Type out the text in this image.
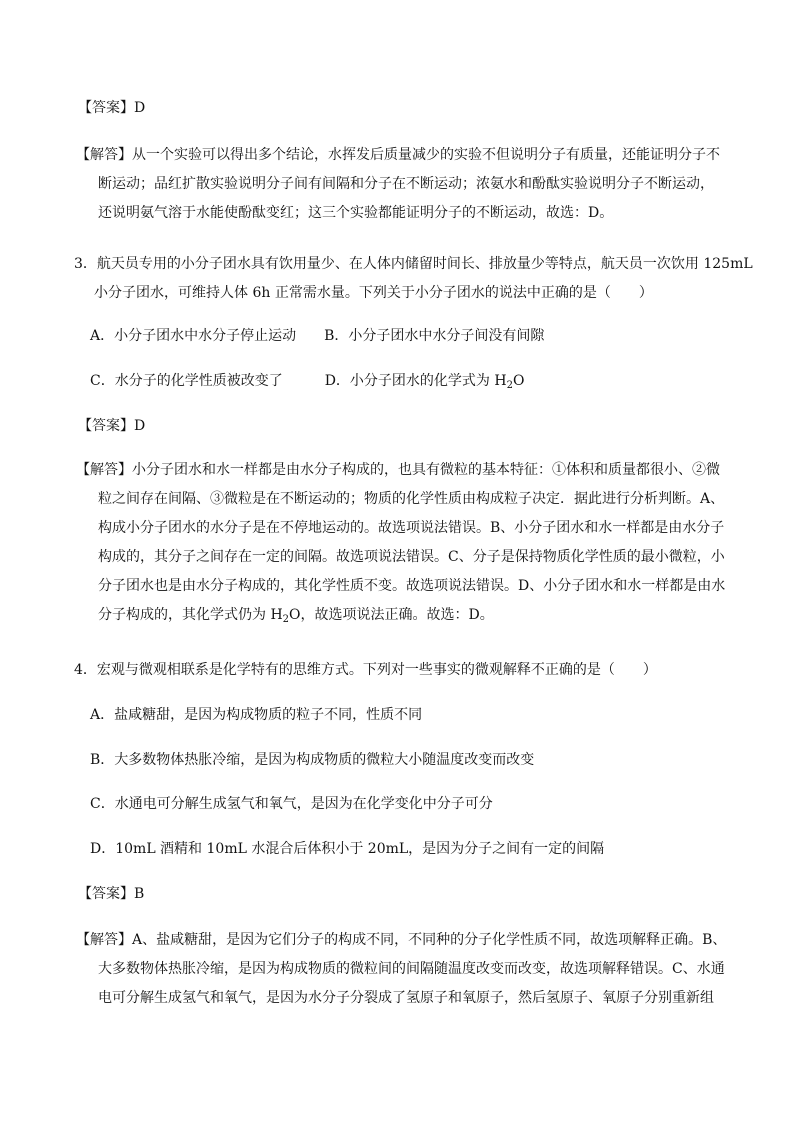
【答案】D
【解答】从一个实验可以得出多个结论，水挥发后质量减少的实验不但说明分子有质量，还能证明分子不
断运动；品红扩散实验说明分子间有间隔和分子在不断运动；浓氨水和酚酞实验说明分子不断运动，
还说明氨气溶于水能使酚酞变红；这三个实验都能证明分子的不断运动，故选：D。
3．航天员专用的小分子团水具有饮用量少、在人体内储留时间长、排放量少等特点，航天员一次饮用 125mL
小分子团水，可维持人体 6h 正常需水量。下列关于小分子团水的说法中正确的是（　　）
A．小分子团水中水分子停止运动　　B．小分子团水中水分子间没有间隙
C．水分子的化学性质被改变了　　　D．小分子团水的化学式为 $H_2O$
【答案】D
【解答】小分子团水和水一样都是由水分子构成的，也具有微粒的基本特征：①体积和质量都很小、②微
粒之间存在间隔、③微粒是在不断运动的；物质的化学性质由构成粒子决定．据此进行分析判断。A、
构成小分子团水的水分子是在不停地运动的。故选项说法错误。B、小分子团水和水一样都是由水分子
构成的，其分子之间存在一定的间隔。故选项说法错误。C、分子是保持物质化学性质的最小微粒，小
分子团水也是由水分子构成的，其化学性质不变。故选项说法错误。D、小分子团水和水一样都是由水
分子构成的，其化学式仍为 $H_2O$，故选项说法正确。故选：D。
4．宏观与微观相联系是化学特有的思维方式。下列对一些事实的微观解释不正确的是（　　）
A．盐咸糖甜，是因为构成物质的粒子不同，性质不同
B．大多数物体热胀冷缩，是因为构成物质的微粒大小随温度改变而改变
C．水通电可分解生成氢气和氧气，是因为在化学变化中分子可分
D．10mL 酒精和 10mL 水混合后体积小于 20mL，是因为分子之间有一定的间隔
【答案】B
【解答】A、盐咸糖甜，是因为它们分子的构成不同，不同种的分子化学性质不同，故选项解释正确。B、
大多数物体热胀冷缩，是因为构成物质的微粒间的间隔随温度改变而改变，故选项解释错误。C、水通
电可分解生成氢气和氧气，是因为水分子分裂成了氢原子和氧原子，然后氢原子、氧原子分别重新组
